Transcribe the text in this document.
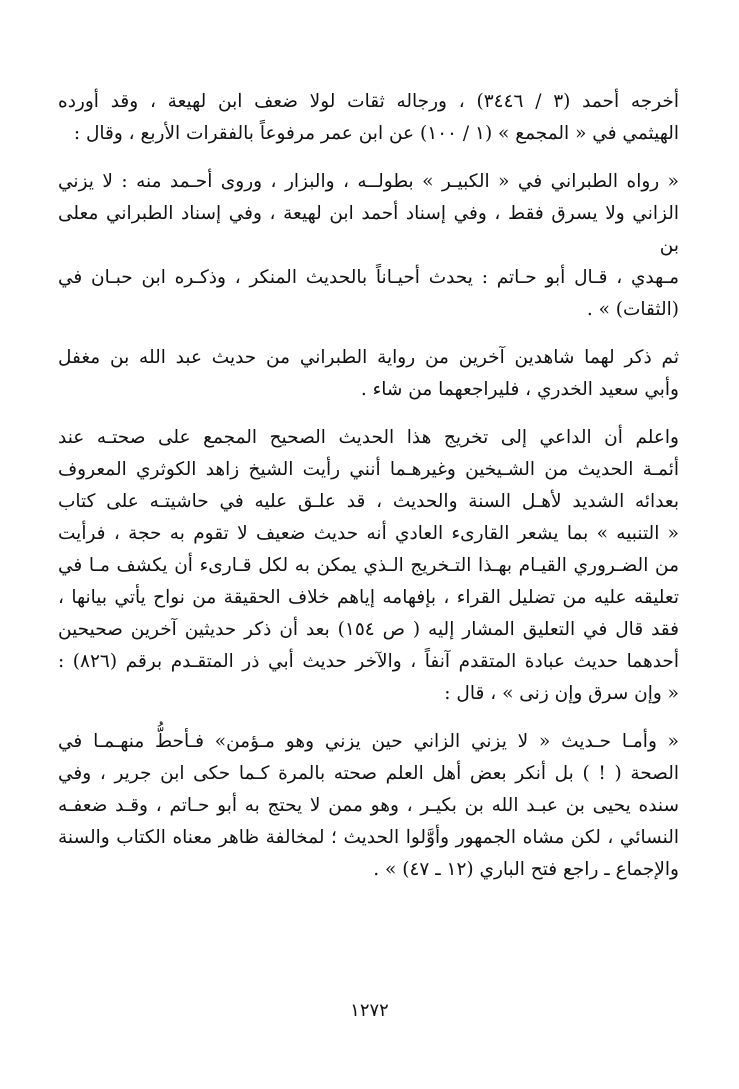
أخرجه أحمد (٣ / ٣٤٤٦) ، ورجاله ثقات لولا ضعف ابن لهيعة ، وقد أورده
الهيثمي في « المجمع » (١ / ١٠٠) عن ابن عمر مرفوعاً بالفقرات الأربع ، وقال :

« رواه الطبراني في « الكبيـر » بطولــه ، والبزار ، وروى أحـمد منه : لا يزني
الزاني ولا يسرق فقط ، وفي إسناد أحمد ابن لهيعة ، وفي إسناد الطبراني معلى بن
مـهدي ، قـال أبو حـاتم : يحدث أحيـاناً بالحديث المنكر ، وذكـره ابن حبـان في
(الثقات) » .

ثم ذكر لهما شاهدين آخرين من رواية الطبراني من حديث عبد الله بن مغفل
وأبي سعيد الخدري ، فليراجعهما من شاء .

واعلم أن الداعي إلى تخريج هذا الحديث الصحيح المجمع على صحتـه عند
أئمـة الحديث من الشـيخين وغيرهـما أنني رأيت الشيخ زاهد الكوثري المعروف
بعدائه الشديد لأهـل السنة والحديث ، قد علـق عليه في حاشيتـه على كتاب
« التنبيه » بما يشعر القارىء العادي أنه حديث ضعيف لا تقوم به حجة ، فرأيت
من الضـروري القيـام بهـذا التـخريج الـذي يمكن به لكل قـارىء أن يكشف مـا في
تعليقه عليه من تضليل القراء ، بإفهامه إياهم خلاف الحقيقة من نواح يأتي بيانها ،
فقد قال في التعليق المشار إليه ( ص ١٥٤) بعد أن ذكر حديثين آخرين صحيحين
أحدهما حديث عبادة المتقدم آنفاً ، والآخر حديث أبي ذر المتقـدم برقم (٨٢٦) :
« وإن سرق وإن زنى » ، قال :

« وأمـا حـديث « لا يزني الزاني حين يزني وهو مـؤمن» فـأحطُّ منهـمـا في
الصحة ( ! ) بل أنكر بعض أهل العلم صحته بالمرة كـما حكى ابن جرير ، وفي
سنده يحيى بن عبـد الله بن بكيـر ، وهو ممن لا يحتج به أبو حـاتم ، وقـد ضعفـه
النسائي ، لكن مشاه الجمهور وأوَّلوا الحديث ؛ لمخالفة ظاهر معناه الكتاب والسنة
والإجماع ـ راجع فتح الباري (١٢ ـ ٤٧) » .

١٢٧٢
